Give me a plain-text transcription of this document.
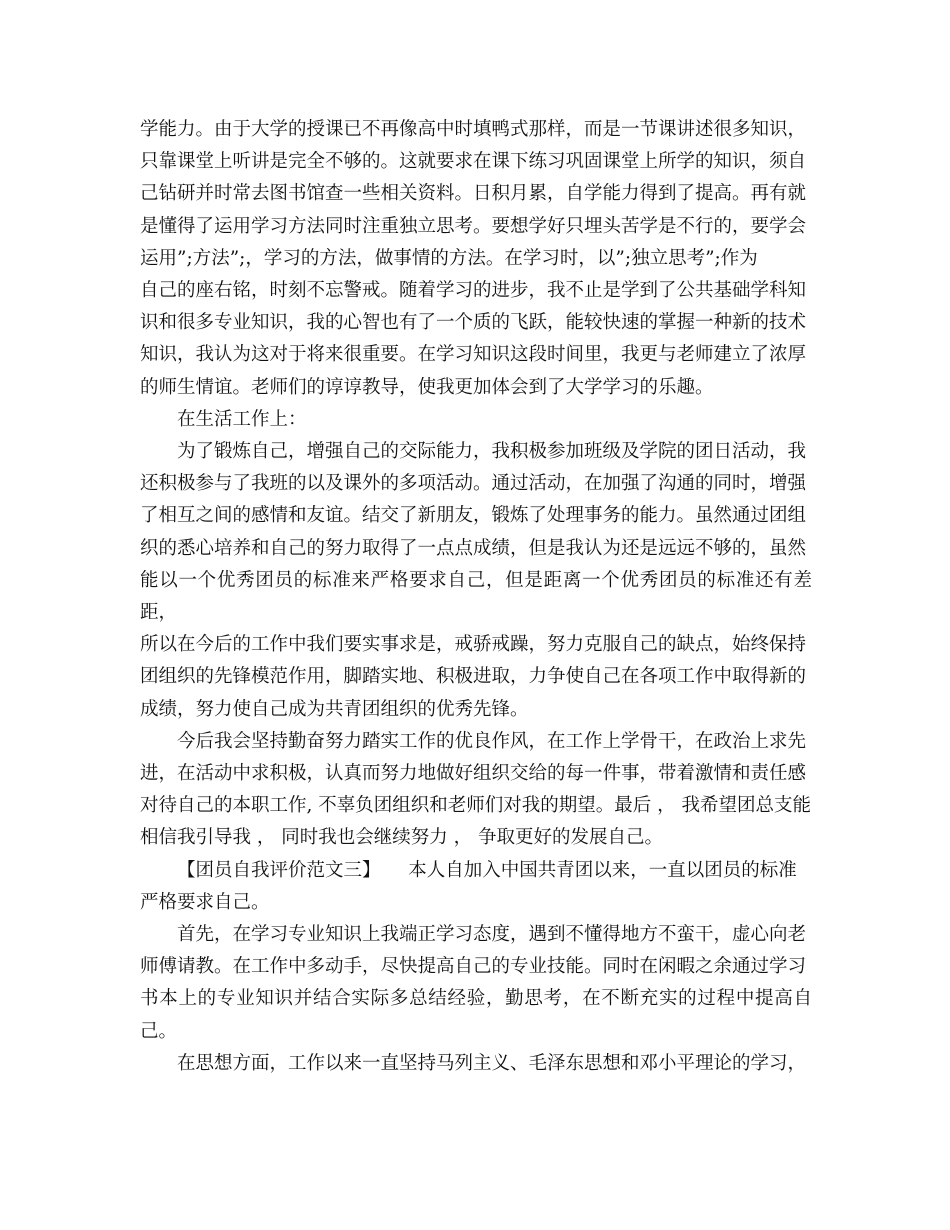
学能力。由于大学的授课已不再像高中时填鸭式那样，而是一节课讲述很多知识，
只靠课堂上听讲是完全不够的。这就要求在课下练习巩固课堂上所学的知识，须自
己钻研并时常去图书馆查一些相关资料。日积月累，自学能力得到了提高。再有就
是懂得了运用学习方法同时注重独立思考。要想学好只埋头苦学是不行的，要学会
运用”;方法”;，学习的方法，做事情的方法。在学习时，以”;独立思考”;作为
自己的座右铭，时刻不忘警戒。随着学习的进步，我不止是学到了公共基础学科知
识和很多专业知识，我的心智也有了一个质的飞跃，能较快速的掌握一种新的技术
知识，我认为这对于将来很重要。在学习知识这段时间里，我更与老师建立了浓厚
的师生情谊。老师们的谆谆教导，使我更加体会到了大学学习的乐趣。

在生活工作上：

为了锻炼自己，增强自己的交际能力，我积极参加班级及学院的团日活动，我
还积极参与了我班的以及课外的多项活动。通过活动，在加强了沟通的同时，增强
了相互之间的感情和友谊。结交了新朋友，锻炼了处理事务的能力。虽然通过团组
织的悉心培养和自己的努力取得了一点点成绩，但是我认为还是远远不够的，虽然
能以一个优秀团员的标准来严格要求自己，但是距离一个优秀团员的标准还有差距，
所以在今后的工作中我们要实事求是，戒骄戒躁，努力克服自己的缺点，始终保持
团组织的先锋模范作用，脚踏实地、积极进取，力争使自己在各项工作中取得新的
成绩，努力使自己成为共青团组织的优秀先锋。

今后我会坚持勤奋努力踏实工作的优良作风，在工作上学骨干，在政治上求先
进，在活动中求积极，认真而努力地做好组织交给的每一件事，带着激情和责任感
对待自己的本职工作, 不辜负团组织和老师们对我的期望。最后 ， 我希望团总支能
相信我引导我 ， 同时我也会继续努力 ， 争取更好的发展自己。

【团员自我评价范文三】　　本人自加入中国共青团以来，一直以团员的标准
严格要求自己。

首先，在学习专业知识上我端正学习态度，遇到不懂得地方不蛮干，虚心向老
师傅请教。在工作中多动手，尽快提高自己的专业技能。同时在闲暇之余通过学习
书本上的专业知识并结合实际多总结经验，勤思考，在不断充实的过程中提高自己。

在思想方面，工作以来一直坚持马列主义、毛泽东思想和邓小平理论的学习，
